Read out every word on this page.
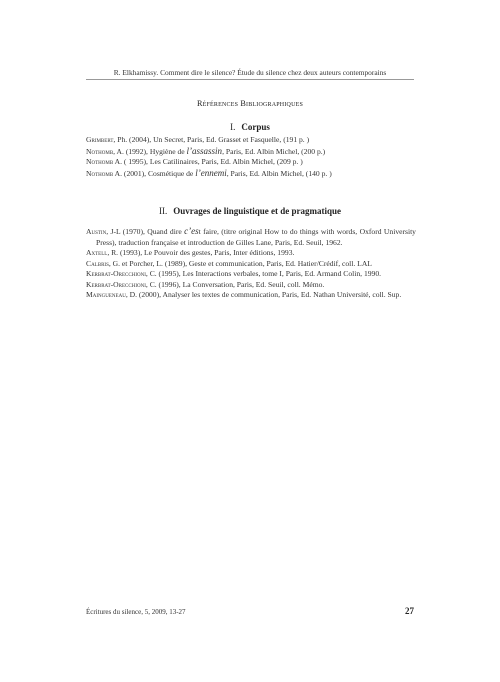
R. Elkhamissy. Comment dire le silence? Étude du silence chez deux auteurs contemporains
Références Bibliographiques
I. Corpus

Grimbert, Ph. (2004), Un Secret, Paris, Ed. Grasset et Fasquelle, (191 p. )

Nothomb, A. (1992), Hygiène de l’assassin, Paris, Ed. Albin Michel, (200 p.)

Nothomb A. ( 1995), Les Catilinaires, Paris, Ed. Albin Michel, (209 p. )

Nothomb A. (2001), Cosmétique de l’ennemi, Paris, Ed. Albin Michel, (140 p. )

II. Ouvrages de linguistique et de pragmatique

Austin, J-L (1970), Quand dire c’est faire, (titre original How to do things with words, Oxford University Press), traduction française et introduction de Gilles Lane, Paris, Ed. Seuil, 1962.

Axtell, R. (1993), Le Pouvoir des gestes, Paris, Inter éditions, 1993.

Calbris, G. et Porcher, L. (1989), Geste et communication, Paris, Ed. Hatier/Crédif, coll. LAL

Kerbrat-Orecchioni, C. (1995), Les Interactions verbales, tome I, Paris, Ed. Armand Colin, 1990.

Kerbrat-Orecchioni, C. (1996), La Conversation, Paris, Ed. Seuil, coll. Mémo.

Maingueneau, D. (2000), Analyser les textes de communication, Paris, Ed. Nathan Université, coll. Sup.

Écritures du silence, 5, 2009, 13-27	27
